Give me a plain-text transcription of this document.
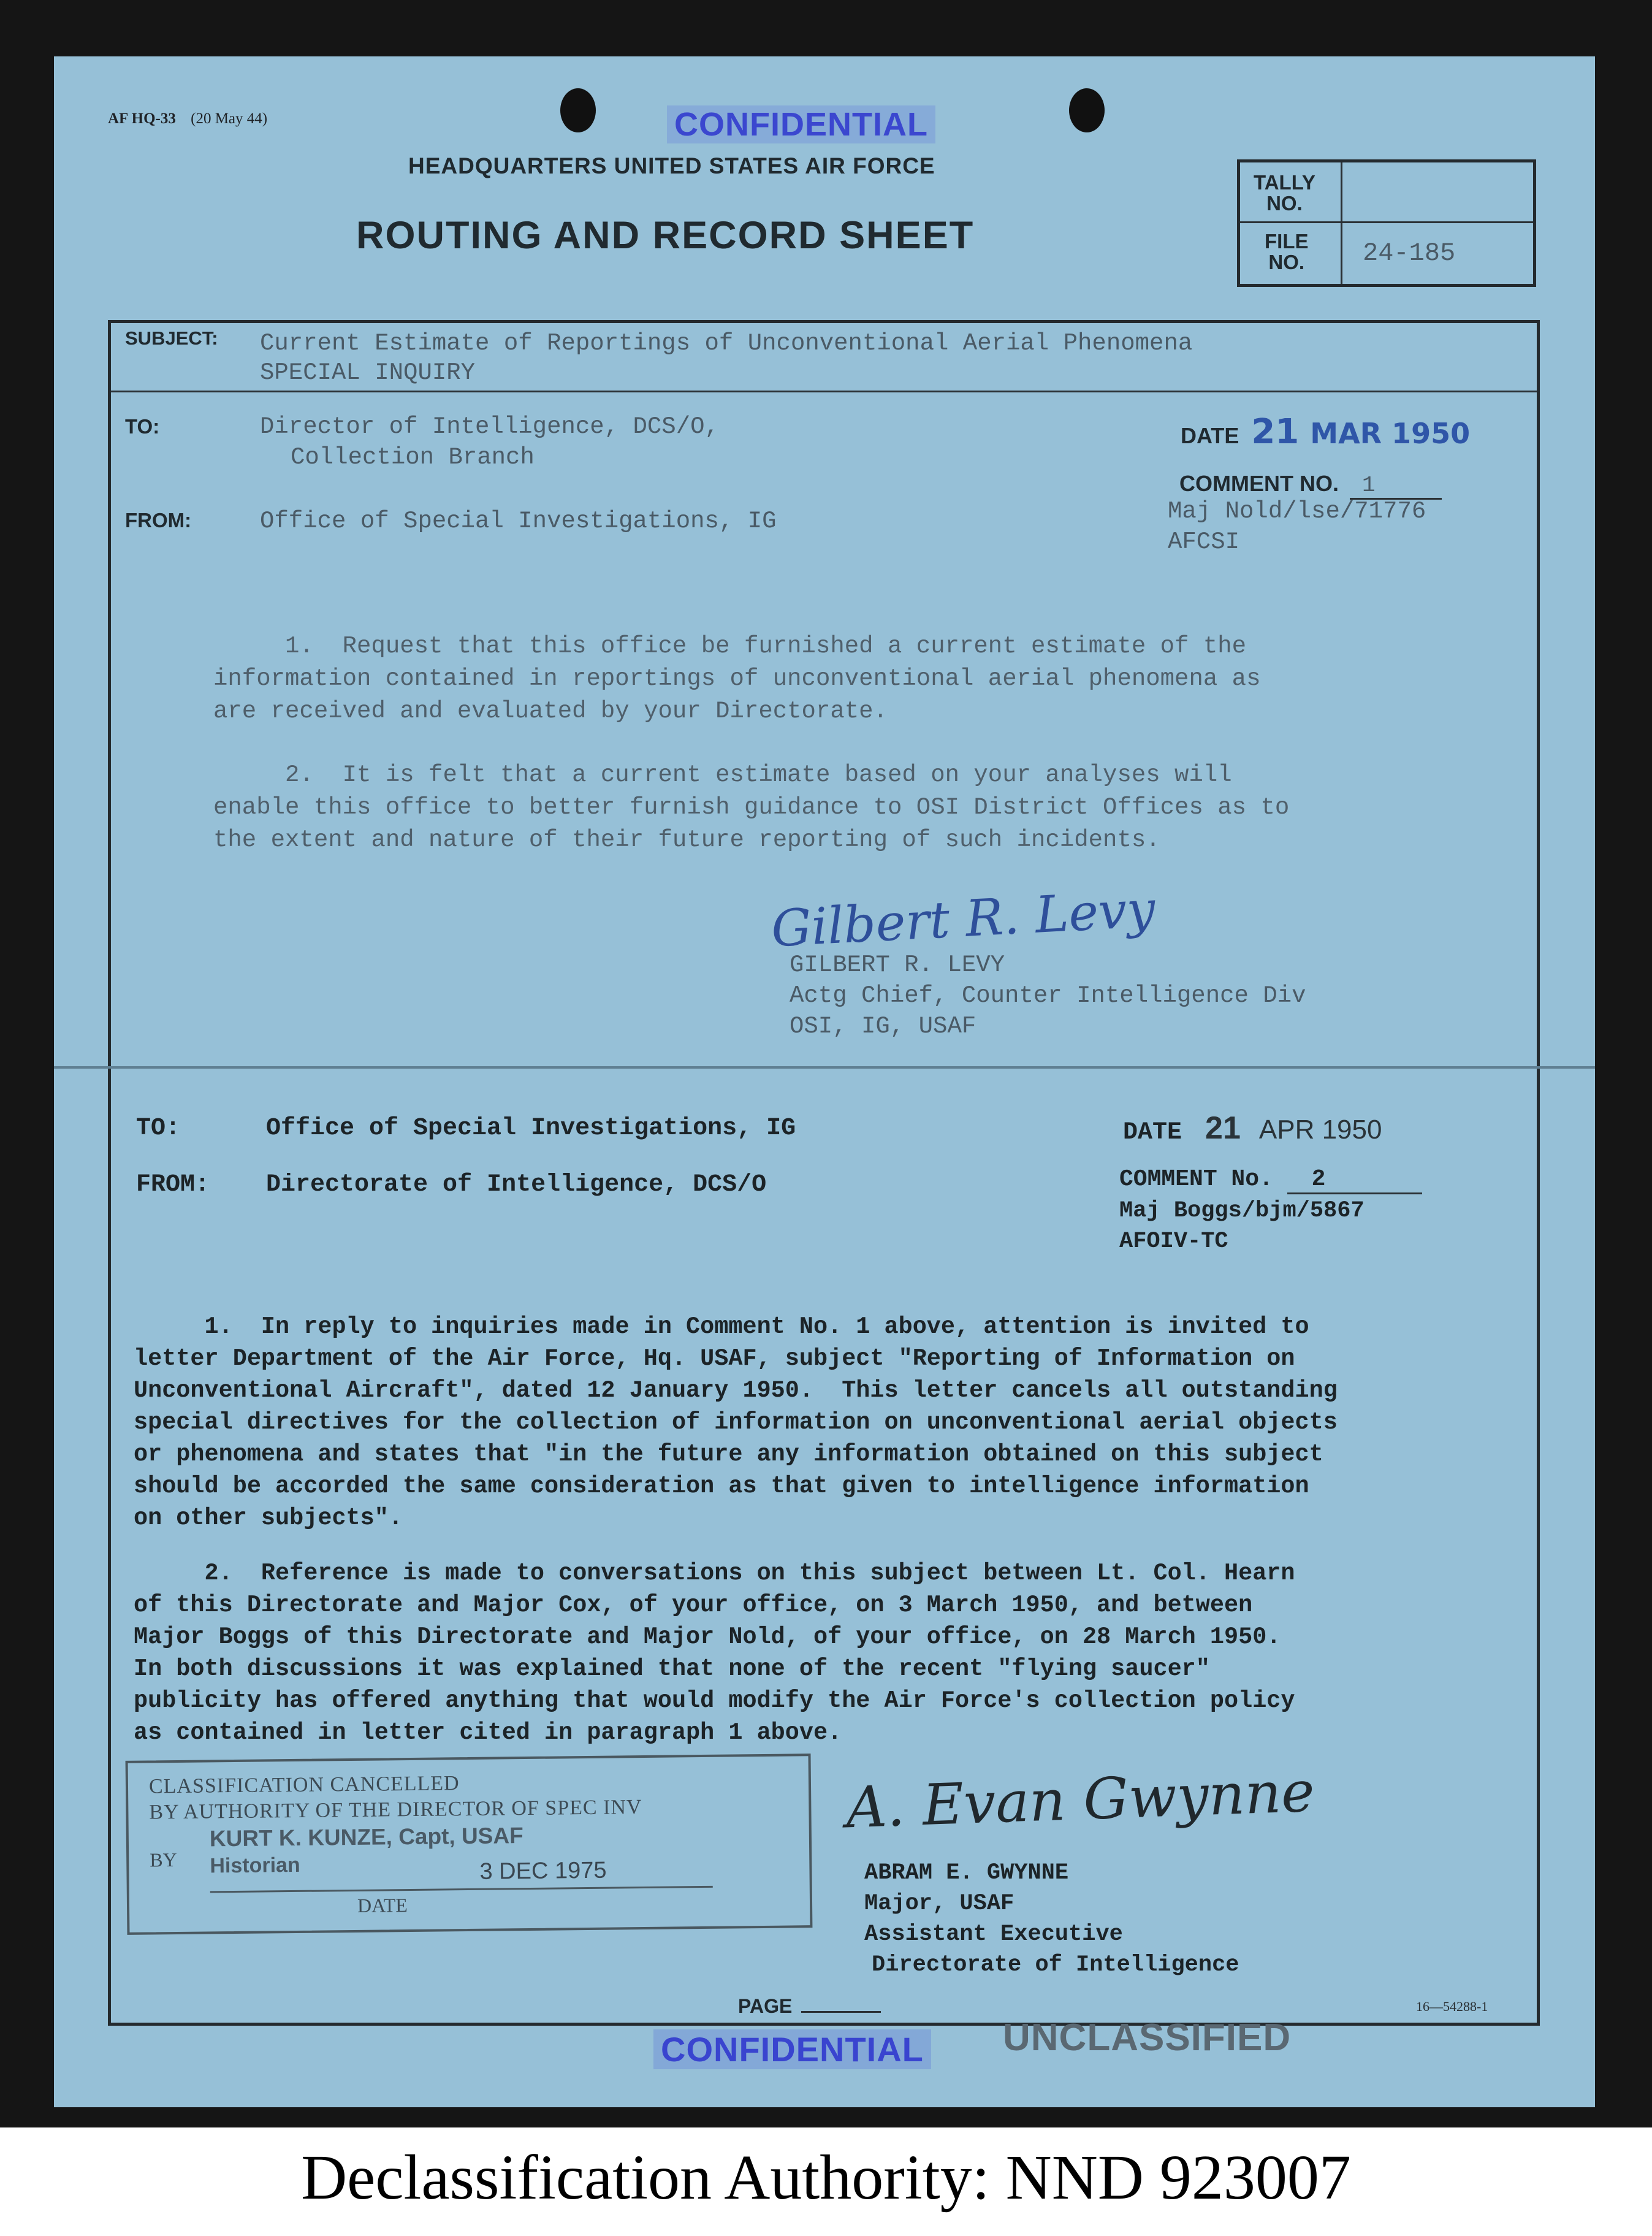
AF HQ-33 (20 May 44)	CONFIDENTIAL
HEADQUARTERS UNITED STATES AIR FORCE
ROUTING AND RECORD SHEET
TALLY
NO.
FILE
NO. 24-185
SUBJECT: Current Estimate of Reportings of Unconventional Aerial Phenomena
SPECIAL INQUIRY
TO:	Director of Intelligence, DCS/O,
Collection Branch
FROM:	Office of Special Investigations, IG
DATE 21 MAR 1950
COMMENT NO. 1
Maj Nold/lse/71776
AFCSI
1.  Request that this office be furnished a current estimate of the
information contained in reportings of unconventional aerial phenomena as
are received and evaluated by your Directorate.
2.  It is felt that a current estimate based on your analyses will
enable this office to better furnish guidance to OSI District Offices as to
the extent and nature of their future reporting of such incidents.
Gilbert R. Levy
GILBERT R. LEVY
Actg Chief, Counter Intelligence Div
OSI, IG, USAF
TO:	Office of Special Investigations, IG
FROM: Directorate of Intelligence, DCS/O
DATE 21 APR 1950
COMMENT No. 2
Maj Boggs/bjm/5867
AFOIV-TC
1.  In reply to inquiries made in Comment No. 1 above, attention is invited to
letter Department of the Air Force, Hq. USAF, subject "Reporting of Information on
Unconventional Aircraft", dated 12 January 1950.  This letter cancels all outstanding
special directives for the collection of information on unconventional aerial objects
or phenomena and states that "in the future any information obtained on this subject
should be accorded the same consideration as that given to intelligence information
on other subjects".
2.  Reference is made to conversations on this subject between Lt. Col. Hearn
of this Directorate and Major Cox, of your office, on 3 March 1950, and between
Major Boggs of this Directorate and Major Nold, of your office, on 28 March 1950.
In both discussions it was explained that none of the recent "flying saucer"
publicity has offered anything that would modify the Air Force's collection policy
as contained in letter cited in paragraph 1 above.
CLASSIFICATION CANCELLED
BY AUTHORITY OF THE DIRECTOR OF SPEC INV
BY
KURT K. KUNZE, Capt, USAF
Historian	3 DEC 1975
DATE
A. Evan Gwynne
ABRAM E. GWYNNE
Major, USAF
Assistant Executive
Directorate of Intelligence
PAGE	16—54288-1
CONFIDENTIAL UNCLASSIFIED
Declassification Authority: NND 923007
